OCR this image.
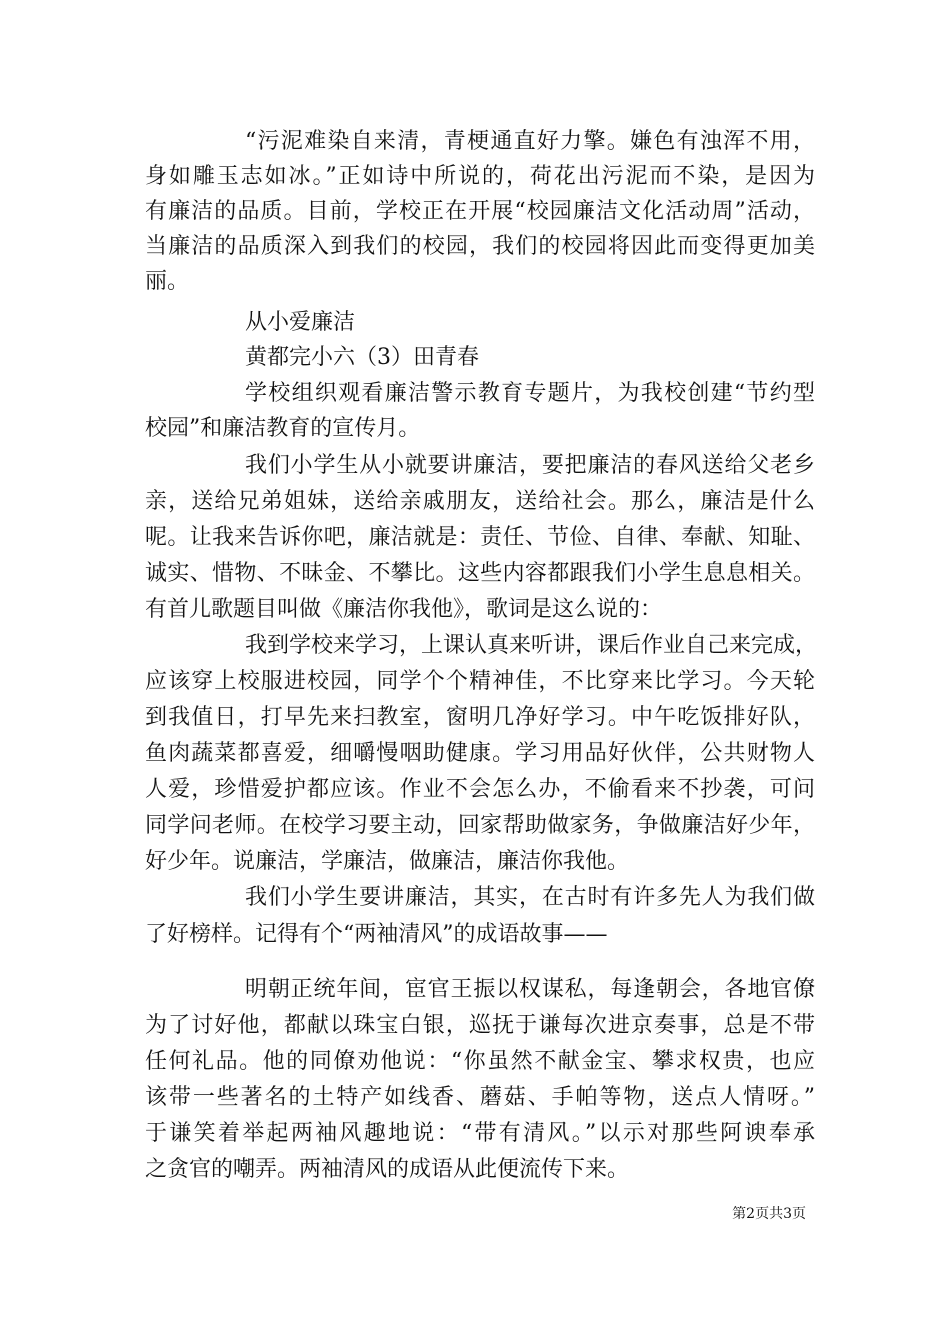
“污泥难染自来清，青梗通直好力擎。嫌色有浊浑不用，
身如雕玉志如冰。”正如诗中所说的，荷花出污泥而不染，是因为
有廉洁的品质。目前，学校正在开展“校园廉洁文化活动周”活动，
当廉洁的品质深入到我们的校园，我们的校园将因此而变得更加美
丽。
从小爱廉洁
黄都完小六（3）田青春
学校组织观看廉洁警示教育专题片，为我校创建“节约型
校园”和廉洁教育的宣传月。
我们小学生从小就要讲廉洁，要把廉洁的春风送给父老乡
亲，送给兄弟姐妹，送给亲戚朋友，送给社会。那么，廉洁是什么
呢。让我来告诉你吧，廉洁就是：责任、节俭、自律、奉献、知耻、
诚实、惜物、不昧金、不攀比。这些内容都跟我们小学生息息相关。
有首儿歌题目叫做《廉洁你我他》，歌词是这么说的：
我到学校来学习，上课认真来听讲，课后作业自己来完成，
应该穿上校服进校园，同学个个精神佳，不比穿来比学习。今天轮
到我值日，打早先来扫教室，窗明几净好学习。中午吃饭排好队，
鱼肉蔬菜都喜爱，细嚼慢咽助健康。学习用品好伙伴，公共财物人
人爱，珍惜爱护都应该。作业不会怎么办，不偷看来不抄袭，可问
同学问老师。在校学习要主动，回家帮助做家务，争做廉洁好少年，
好少年。说廉洁，学廉洁，做廉洁，廉洁你我他。
我们小学生要讲廉洁，其实，在古时有许多先人为我们做
了好榜样。记得有个“两袖清风”的成语故事——
明朝正统年间，宦官王振以权谋私，每逢朝会，各地官僚
为了讨好他，都献以珠宝白银，巡抚于谦每次进京奏事，总是不带
任何礼品。他的同僚劝他说：“你虽然不献金宝、攀求权贵，也应
该带一些著名的土特产如线香、蘑菇、手帕等物，送点人情呀。”
于谦笑着举起两袖风趣地说：“带有清风。”以示对那些阿谀奉承
之贪官的嘲弄。两袖清风的成语从此便流传下来。
第2页共3页
